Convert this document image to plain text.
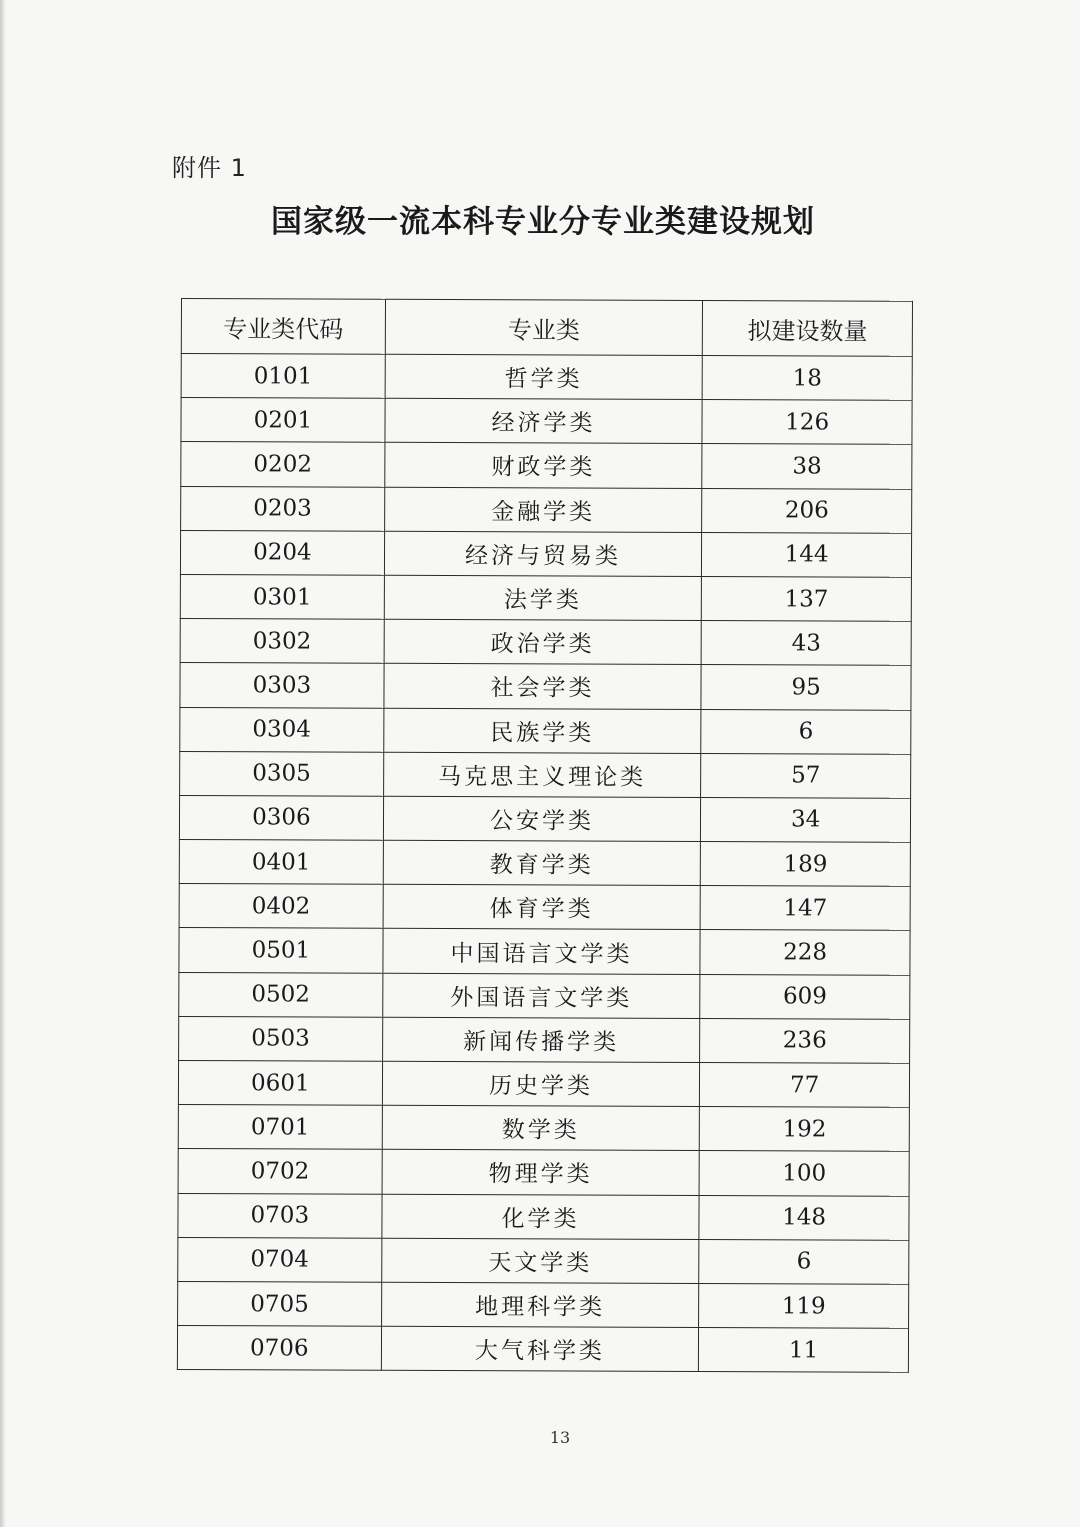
附件 1
国家级一流本科专业分专业类建设规划
专业类代码	专业类	拟建设数量
0101	哲学类	18
0201	经济学类	126
0202	财政学类	38
0203	金融学类	206
0204	经济与贸易类	144
0301	法学类	137
0302	政治学类	43
0303	社会学类	95
0304	民族学类	6
0305	马克思主义理论类	57
0306	公安学类	34
0401	教育学类	189
0402	体育学类	147
0501	中国语言文学类	228
0502	外国语言文学类	609
0503	新闻传播学类	236
0601	历史学类	77
0701	数学类	192
0702	物理学类	100
0703	化学类	148
0704	天文学类	6
0705	地理科学类	119
0706	大气科学类	11
13
